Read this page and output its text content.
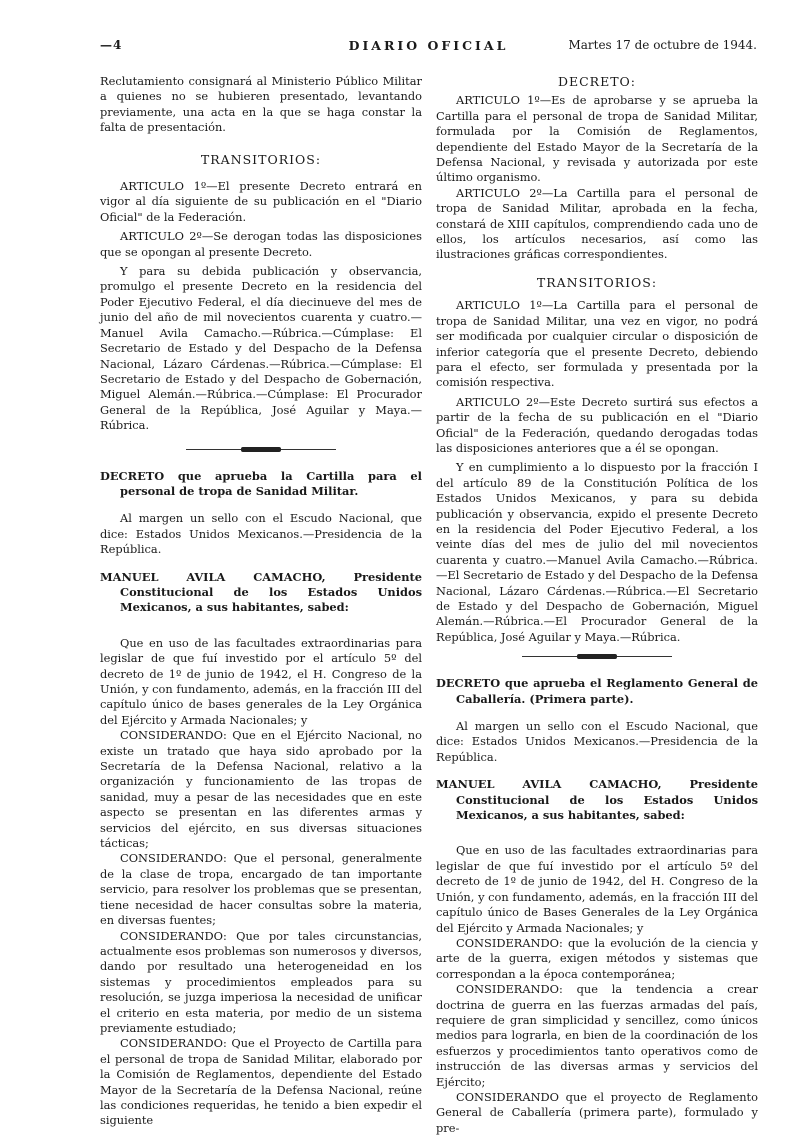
—4	DIARIO OFICIAL	Martes 17 de octubre de 1944.

Reclutamiento consignará al Ministerio Público Militar a quienes no se hubieren presentado, levantando previamente, una acta en la que se haga constar la falta de presentación.

TRANSITORIOS:

ARTICULO 1º—El presente Decreto entrará en vigor al día siguiente de su publicación en el "Diario Oficial" de la Federación.

ARTICULO 2º—Se derogan todas las disposiciones que se opongan al presente Decreto.

Y para su debida publicación y observancia, promulgo el presente Decreto en la residencia del Poder Ejecutivo Federal, el día diecinueve del mes de junio del año de mil novecientos cuarenta y cuatro.—Manuel Avila Camacho.—Rúbrica.—Cúmplase: El Secretario de Estado y del Despacho de la Defensa Nacional, Lázaro Cárdenas.—Rúbrica.—Cúmplase: El Secretario de Estado y del Despacho de Gobernación, Miguel Alemán.—Rúbrica.—Cúmplase: El Procurador General de la República, José Aguilar y Maya.—Rúbrica.

DECRETO que aprueba la Cartilla para el personal de tropa de Sanidad Militar.

Al margen un sello con el Escudo Nacional, que dice: Estados Unidos Mexicanos.—Presidencia de la República.

MANUEL AVILA CAMACHO, Presidente Constitucional de los Estados Unidos Mexicanos, a sus habitantes, sabed:

Que en uso de las facultades extraordinarias para legislar de que fuí investido por el artículo 5º del decreto de 1º de junio de 1942, el H. Congreso de la Unión, y con fundamento, además, en la fracción III del capítulo único de bases generales de la Ley Orgánica del Ejército y Armada Nacionales; y

CONSIDERANDO: Que en el Ejército Nacional, no existe un tratado que haya sido aprobado por la Secretaría de la Defensa Nacional, relativo a la organización y funcionamiento de las tropas de sanidad, muy a pesar de las necesidades que en este aspecto se presentan en las diferentes armas y servicios del ejército, en sus diversas situaciones tácticas;

CONSIDERANDO: Que el personal, generalmente de la clase de tropa, encargado de tan importante servicio, para resolver los problemas que se presentan, tiene necesidad de hacer consultas sobre la materia, en diversas fuentes;

CONSIDERANDO: Que por tales circunstancias, actualmente esos problemas son numerosos y diversos, dando por resultado una heterogeneidad en los sistemas y procedimientos empleados para su resolución, se juzga imperiosa la necesidad de unificar el criterio en esta materia, por medio de un sistema previamente estudiado;

CONSIDERANDO: Que el Proyecto de Cartilla para el personal de tropa de Sanidad Militar, elaborado por la Comisión de Reglamentos, dependiente del Estado Mayor de la Secretaría de la Defensa Nacional, reúne las condiciones requeridas, he tenido a bien expedir el siguiente

DECRETO:

ARTICULO 1º—Es de aprobarse y se aprueba la Cartilla para el personal de tropa de Sanidad Militar, formulada por la Comisión de Reglamentos, dependiente del Estado Mayor de la Secretaría de la Defensa Nacional, y revisada y autorizada por este último organismo.

ARTICULO 2º—La Cartilla para el personal de tropa de Sanidad Militar, aprobada en la fecha, constará de XIII capítulos, comprendiendo cada uno de ellos, los artículos necesarios, así como las ilustraciones gráficas correspondientes.

TRANSITORIOS:

ARTICULO 1º—La Cartilla para el personal de tropa de Sanidad Militar, una vez en vigor, no podrá ser modificada por cualquier circular o disposición de inferior categoría que el presente Decreto, debiendo para el efecto, ser formulada y presentada por la comisión respectiva.

ARTICULO 2º—Este Decreto surtirá sus efectos a partir de la fecha de su publicación en el "Diario Oficial" de la Federación, quedando derogadas todas las disposiciones anteriores que a él se opongan.

Y en cumplimiento a lo dispuesto por la fracción I del artículo 89 de la Constitución Política de los Estados Unidos Mexicanos, y para su debida publicación y observancia, expido el presente Decreto en la residencia del Poder Ejecutivo Federal, a los veinte días del mes de julio del mil novecientos cuarenta y cuatro.—Manuel Avila Camacho.—Rúbrica.—El Secretario de Estado y del Despacho de la Defensa Nacional, Lázaro Cárdenas.—Rúbrica.—El Secretario de Estado y del Despacho de Gobernación, Miguel Alemán.—Rúbrica.—El Procurador General de la República, José Aguilar y Maya.—Rúbrica.

DECRETO que aprueba el Reglamento General de Caballería. (Primera parte).

Al margen un sello con el Escudo Nacional, que dice: Estados Unidos Mexicanos.—Presidencia de la República.

MANUEL AVILA CAMACHO, Presidente Constitucional de los Estados Unidos Mexicanos, a sus habitantes, sabed:

Que en uso de las facultades extraordinarias para legislar de que fuí investido por el artículo 5º del decreto de 1º de junio de 1942, del H. Congreso de la Unión, y con fundamento, además, en la fracción III del capítulo único de Bases Generales de la Ley Orgánica del Ejército y Armada Nacionales; y

CONSIDERANDO: que la evolución de la ciencia y arte de la guerra, exigen métodos y sistemas que correspondan a la época contemporánea;

CONSIDERANDO: que la tendencia a crear doctrina de guerra en las fuerzas armadas del país, requiere de gran simplicidad y sencillez, como únicos medios para lograrla, en bien de la coordinación de los esfuerzos y procedimientos tanto operativos como de instrucción de las diversas armas y servicios del Ejército;

CONSIDERANDO que el proyecto de Reglamento General de Caballería (primera parte), formulado y pre-
